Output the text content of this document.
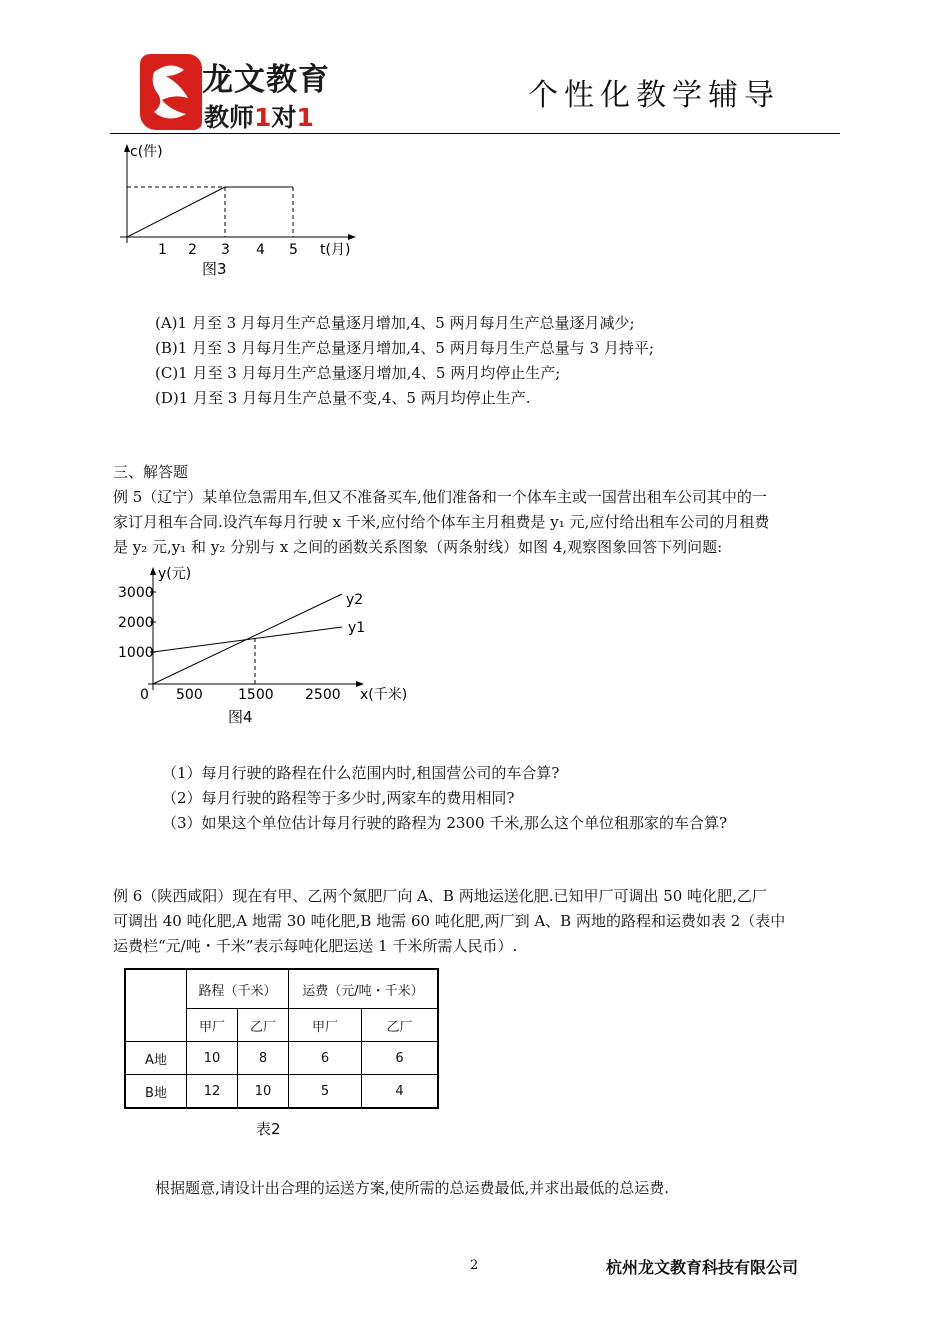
龙文教育
教师1对1
个性化教学辅导
c(件)
1 2 3 4 5 t(月)
图3
(A)1 月至 3 月每月生产总量逐月增加,4、5 两月每月生产总量逐月减少;
(B)1 月至 3 月每月生产总量逐月增加,4、5 两月每月生产总量与 3 月持平;
(C)1 月至 3 月每月生产总量逐月增加,4、5 两月均停止生产;
(D)1 月至 3 月每月生产总量不变,4、5 两月均停止生产.
三、解答题
例 5（辽宁）某单位急需用车,但又不准备买车,他们准备和一个体车主或一国营出租车公司其中的一
家订月租车合同.设汽车每月行驶 x 千米,应付给个体车主月租费是 y₁ 元,应付给出租车公司的月租费
是 y₂ 元,y₁ 和 y₂ 分别与 x 之间的函数关系图象（两条射线）如图 4,观察图象回答下列问题:
y(元)
3000
2000
1000
y2
y1
0 500	1500 2500 x(千米)
图4
（1）每月行驶的路程在什么范围内时,租国营公司的车合算?
（2）每月行驶的路程等于多少时,两家车的费用相同?
（3）如果这个单位估计每月行驶的路程为 2300 千米,那么这个单位租那家的车合算?
例 6（陕西咸阳）现在有甲、乙两个氮肥厂向 A、B 两地运送化肥.已知甲厂可调出 50 吨化肥,乙厂
可调出 40 吨化肥,A 地需 30 吨化肥,B 地需 60 吨化肥,两厂到 A、B 两地的路程和运费如表 2（表中
运费栏“元/吨・千米”表示每吨化肥运送 1 千米所需人民币）.
	路程（千米）		运费（元/吨・千米）	
	甲厂	乙厂	甲厂	乙厂
A地	10	8	6	6
B地	12	10	5	4
表2
根据题意,请设计出合理的运送方案,使所需的总运费最低,并求出最低的总运费.
2	杭州龙文教育科技有限公司
